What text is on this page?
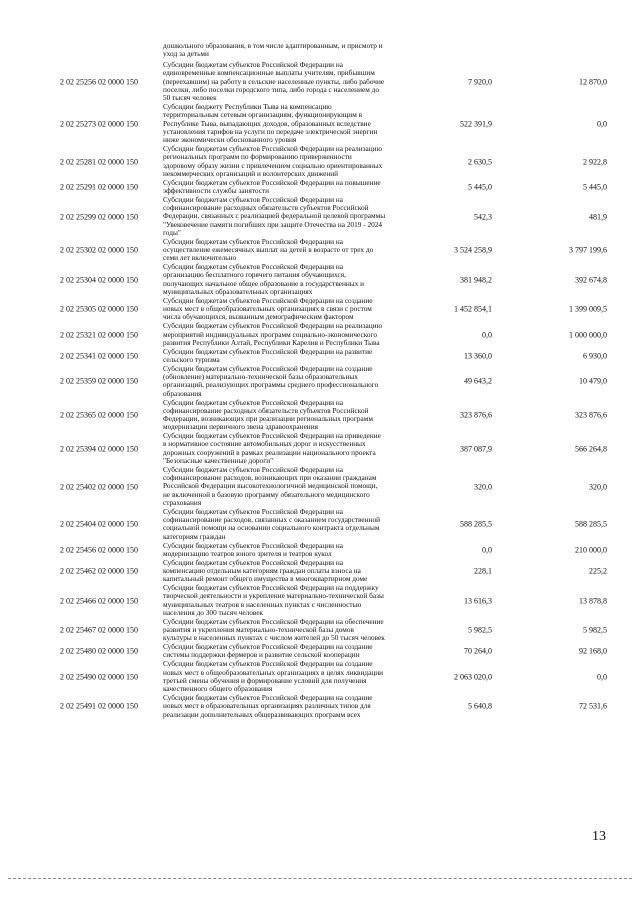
дошкольного образования, в том числе адаптированным, и присмотр и
уход за детьми
2 02 25256 02 0000 150
Субсидии бюджетам субъектов Российской Федерации на
единовременные компенсационные выплаты учителям, прибывшим
(переехавшим) на работу в сельские населенные пункты, либо рабочие
поселки, либо поселки городского типа, либо города с населением до
50 тысяч человек
7 920,0	12 870,0
2 02 25273 02 0000 150
Субсидии бюджету Республики Тыва на компенсацию
территориальным сетевым организациям, функционирующим в
Республике Тыва, выпадающих доходов, образованных вследствие
установления тарифов на услуги по передаче электрической энергии
ниже экономически обоснованного уровня
522 391,9	0,0
2 02 25281 02 0000 150
Субсидии бюджетам субъектов Российской Федерации на реализацию
региональных программ по формированию приверженности
здоровому образу жизни с привлечением социально ориентированных
некоммерческих организаций и волонтерских движений
2 630,5	2 922,8
2 02 25291 02 0000 150
Субсидии бюджетам субъектов Российской Федерации на повышение
эффективности службы занятости	5 445,0	5 445,0
2 02 25299 02 0000 150
Субсидии бюджетам субъектов Российской Федерации на
софинансирование расходных обязательств субъектов Российской
Федерации, связанных с реализацией федеральной целевой программы
"Увековечение памяти погибших при защите Отечества на 2019 - 2024
годы"
542,3	481,9
2 02 25302 02 0000 150
Субсидии бюджетам субъектов Российской Федерации на
осуществление ежемесячных выплат на детей в возрасте от трех до
семи лет включительно
3 524 258,9	3 797 199,6
2 02 25304 02 0000 150
Субсидии бюджетам субъектов Российской Федерации на
организацию бесплатного горячего питания обучающихся,
получающих начальное общее образование в государственных и
муниципальных образовательных организациях
381 948,2	392 674,8
2 02 25305 02 0000 150
Субсидии бюджетам субъектов Российской Федерации на создание
новых мест в общеобразовательных организациях в связи с ростом
числа обучающихся, вызванным демографическим фактором
1 452 854,1	1 399 009,5
2 02 25321 02 0000 150
Субсидии бюджетам субъектов Российской Федерации на реализацию
мероприятий индивидуальных программ социально-экономического
развития Республики Алтай, Республики Карелия и Республики Тыва
0,0	1 000 000,0
2 02 25341 02 0000 150
Субсидии бюджетам субъектов Российской Федерации на развитие
сельского туризма	13 360,0	6 930,0
2 02 25359 02 0000 150
Субсидии бюджетам субъектов Российской Федерации на создание
(обновление) материально-технической базы образовательных
организаций, реализующих программы среднего профессионального
образования
49 643,2	10 479,0
2 02 25365 02 0000 150
Субсидии бюджетам субъектов Российской Федерации на
софинансирование расходных обязательств субъектов Российской
Федерации, возникающих при реализации региональных программ
модернизации первичного звена здравоохранения
323 876,6	323 876,6
2 02 25394 02 0000 150
Субсидии бюджетам субъектов Российской Федерации на приведение
в нормативное состояние автомобильных дорог и искусственных
дорожных сооружений в рамках реализации национального проекта
"Безопасные качественные дороги"
387 087,9	566 264,8
2 02 25402 02 0000 150
Субсидии бюджетам субъектов Российской Федерации на
софинансирование расходов, возникающих при оказании гражданам
Российской Федерации высокотехнологичной медицинской помощи,
не включенной в базовую программу обязательного медицинского
страхования
320,0	320,0
2 02 25404 02 0000 150
Субсидии бюджетам субъектов Российской Федерации на
софинансирование расходов, связанных с оказанием государственной
социальной помощи на основании социального контракта отдельным
категориям граждан
588 285,5	588 285,5
2 02 25456 02 0000 150
Субсидии бюджетам субъектов Российской Федерации на
модернизацию театров юного зрителя и театров кукол	0,0	210 000,0
2 02 25462 02 0000 150
Субсидии бюджетам субъектов Российской Федерации на
компенсацию отдельным категориям граждан оплаты взноса на
капитальный ремонт общего имущества в многоквартирном доме
228,1	225,2
2 02 25466 02 0000 150
Субсидии бюджетам субъектов Российской Федерации на поддержку
творческой деятельности и укрепление материально-технической базы
муниципальных театров в населенных пунктах с численностью
населения до 300 тысяч человек
13 616,3	13 878,8
2 02 25467 02 0000 150
Субсидии бюджетам субъектов Российской Федерации на обеспечение
развития и укрепления материально-технической базы домов
культуры в населенных пунктах с числом жителей до 50 тысяч человек
5 982,5	5 982,5
2 02 25480 02 0000 150
Субсидии бюджетам субъектов Российской Федерации на создание
системы поддержки фермеров и развитие сельской кооперации	70 264,0	92 168,0
2 02 25490 02 0000 150
Субсидии бюджетам субъектов Российской Федерации на создание
новых мест в общеобразовательных организациях в целях ликвидации
третьей смены обучения и формирование условий для получения
качественного общего образования
2 063 020,0	0,0
2 02 25491 02 0000 150
Субсидии бюджетам субъектов Российской Федерации на создание
новых мест в образовательных организациях различных типов для
реализации дополнительных общеразвивающих программ всех
5 640,8	72 531,6
13
